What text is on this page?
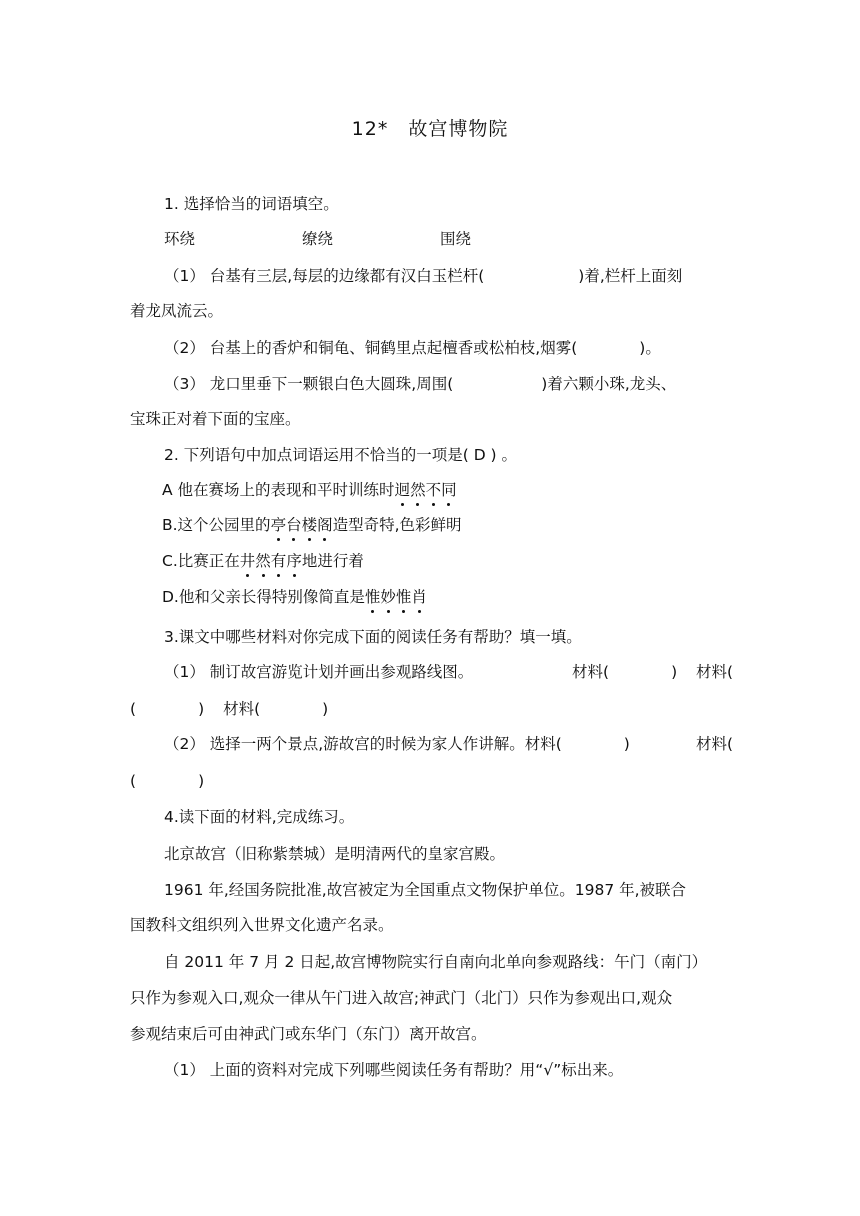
12* 故宫博物院
1. 选择恰当的词语填空。
环绕	缭绕	围绕
（1） 台基有三层,每层的边缘都有汉白玉栏杆(	)着,栏杆上面刻
着龙凤流云。
（2） 台基上的香炉和铜龟、铜鹤里点起檀香或松柏枝,烟雾(	)。
（3） 龙口里垂下一颗银白色大圆珠,周围(	)着六颗小珠,龙头、
宝珠正对着下面的宝座。
2. 下列语句中加点词语运用不恰当的一项是( D ) 。
A 他在赛场上的表现和平时训练时迥然不同
B.这个公园里的亭台楼阁造型奇特,色彩鲜明
C.比赛正在井然有序地进行着
D.他和父亲长得特别像简直是惟妙惟肖
3.课文中哪些材料对你完成下面的阅读任务有帮助？填一填。
（1） 制订故宫游览计划并画出参观路线图。	材料(	) 材料(
(	) 材料(	)
（2） 选择一两个景点,游故宫的时候为家人作讲解。材料(	)	材料(
(	)
4.读下面的材料,完成练习。
北京故宫（旧称紫禁城）是明清两代的皇家宫殿。
1961 年,经国务院批准,故宫被定为全国重点文物保护单位。1987 年,被联合
国教科文组织列入世界文化遗产名录。
自 2011 年 7 月 2 日起,故宫博物院实行自南向北单向参观路线：午门（南门）
只作为参观入口,观众一律从午门进入故宫;神武门（北门）只作为参观出口,观众
参观结束后可由神武门或东华门（东门）离开故宫。
（1） 上面的资料对完成下列哪些阅读任务有帮助？用“√”标出来。
